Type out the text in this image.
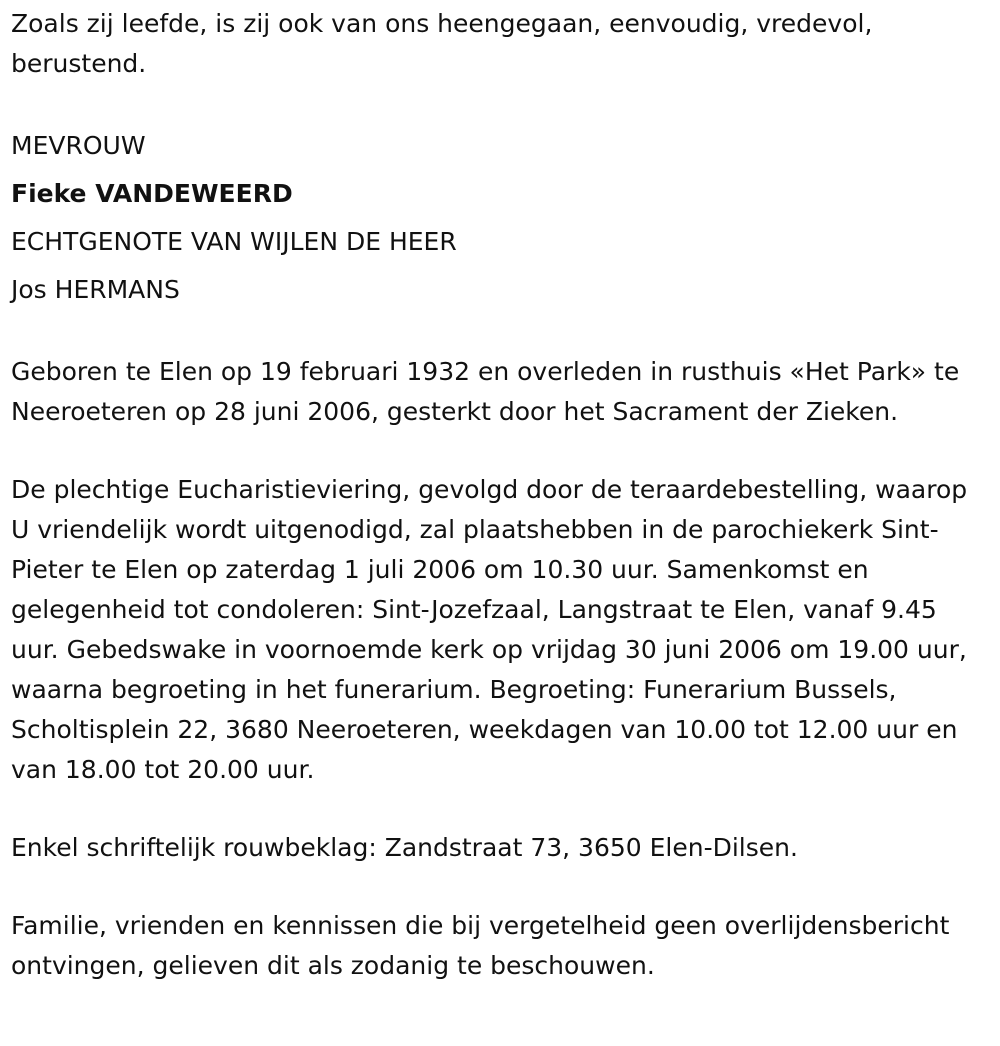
Zoals zij leefde, is zij ook van ons heengegaan, eenvoudig, vredevol, berustend.

MEVROUW

Fieke VANDEWEERD

ECHTGENOTE VAN WIJLEN DE HEER

Jos HERMANS

Geboren te Elen op 19 februari 1932 en overleden in rusthuis «Het Park» te Neeroeteren op 28 juni 2006, gesterkt door het Sacrament der Zieken.

De plechtige Eucharistieviering, gevolgd door de teraardebestelling, waarop U vriendelijk wordt uitgenodigd, zal plaatshebben in de parochiekerk Sint-Pieter te Elen op zaterdag 1 juli 2006 om 10.30 uur. Samenkomst en gelegenheid tot condoleren: Sint-Jozefzaal, Langstraat te Elen, vanaf 9.45 uur. Gebedswake in voornoemde kerk op vrijdag 30 juni 2006 om 19.00 uur, waarna begroeting in het funerarium. Begroeting: Funerarium Bussels, Scholtisplein 22, 3680 Neeroeteren, weekdagen van 10.00 tot 12.00 uur en van 18.00 tot 20.00 uur.

Enkel schriftelijk rouwbeklag: Zandstraat 73, 3650 Elen-Dilsen.

Familie, vrienden en kennissen die bij vergetelheid geen overlijdensbericht ontvingen, gelieven dit als zodanig te beschouwen.
